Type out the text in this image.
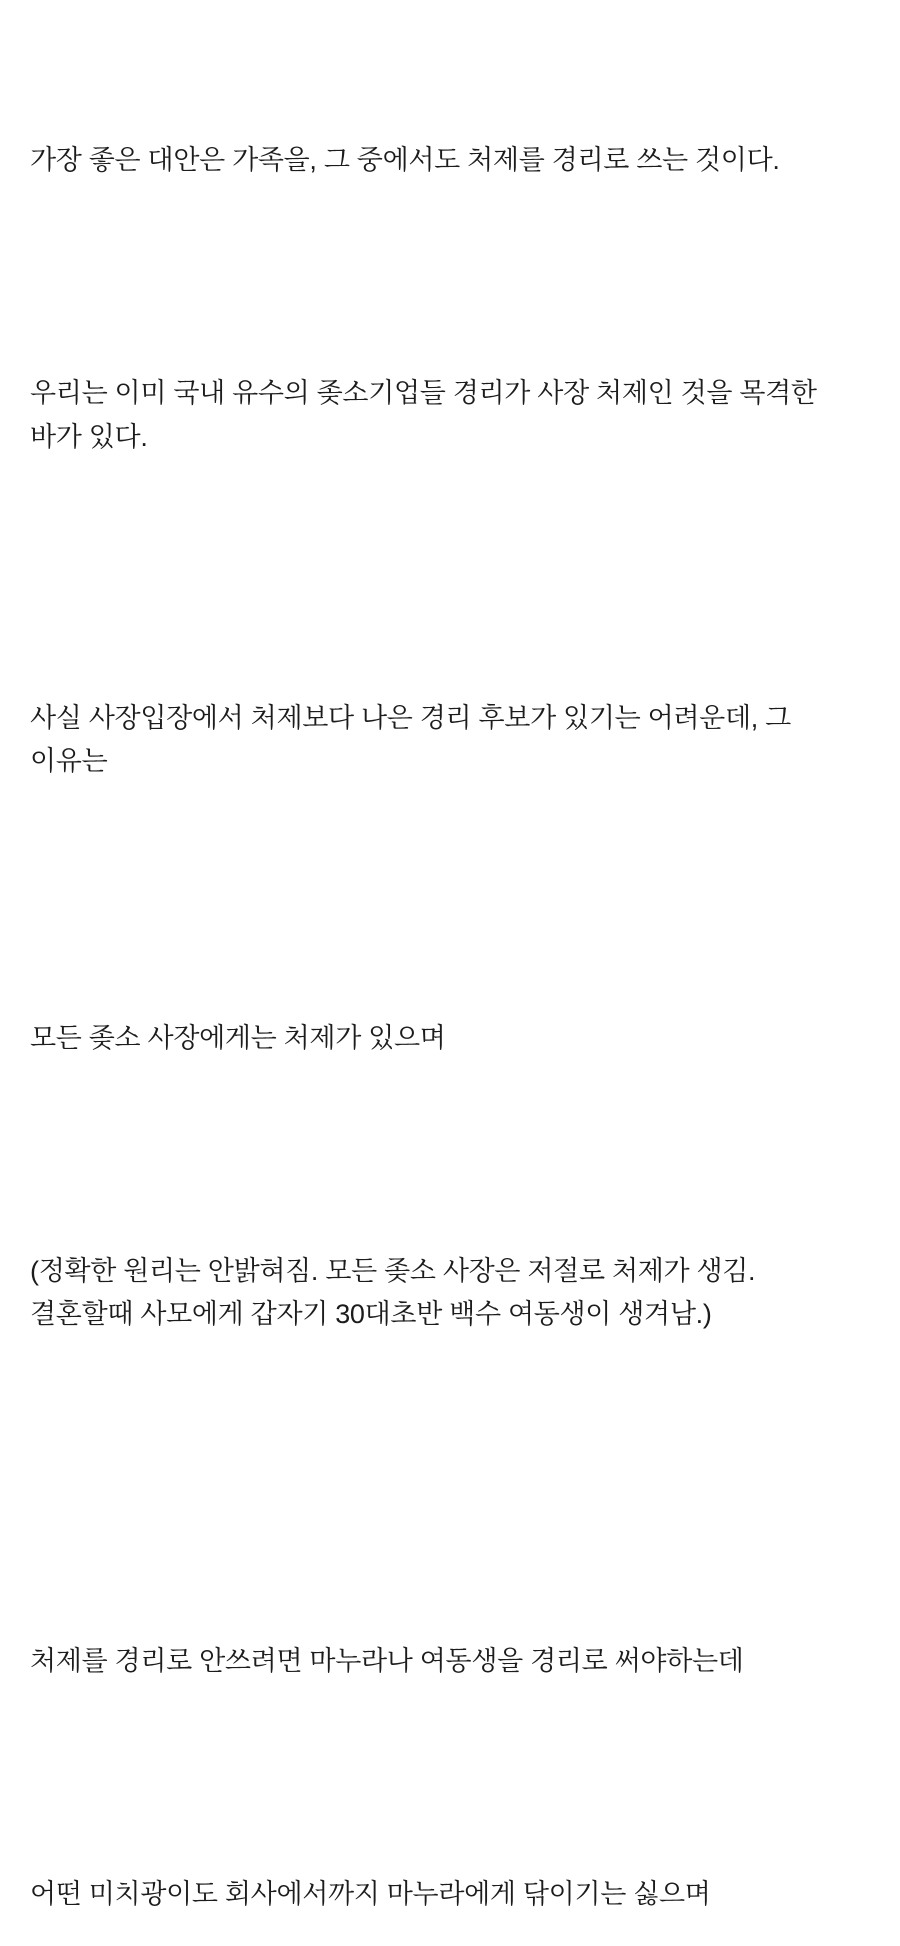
가장 좋은 대안은 가족을, 그 중에서도 처제를 경리로 쓰는 것이다.

우리는 이미 국내 유수의 좆소기업들 경리가 사장 처제인 것을 목격한 바가 있다.

사실 사장입장에서 처제보다 나은 경리 후보가 있기는 어려운데, 그 이유는

모든 좆소 사장에게는 처제가 있으며

(정확한 원리는 안밝혀짐. 모든 좆소 사장은 저절로 처제가 생김.  결혼할때 사모에게 갑자기 30대초반 백수 여동생이 생겨남.)

처제를 경리로 안쓰려면 마누라나 여동생을 경리로 써야하는데

어떤 미치광이도 회사에서까지 마누라에게 닦이기는 싫으며
